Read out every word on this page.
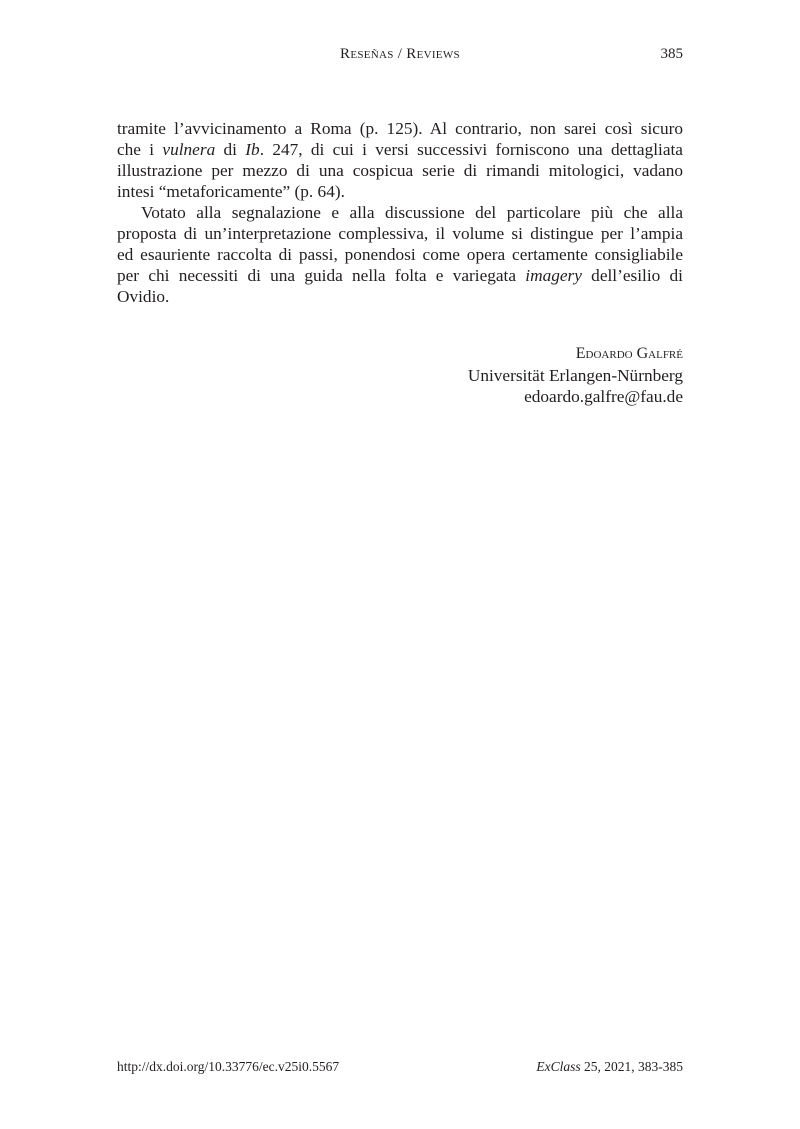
Reseñas / Reviews	385
tramite l’avvicinamento a Roma (p. 125). Al contrario, non sarei così sicuro
che i vulnera di Ib. 247, di cui i versi successivi forniscono una dettagliata
illustrazione per mezzo di una cospicua serie di rimandi mitologici, vadano
intesi “metaforicamente” (p. 64).
Votato alla segnalazione e alla discussione del particolare più che alla
proposta di un’interpretazione complessiva, il volume si distingue per l’ampia
ed esauriente raccolta di passi, ponendosi come opera certamente consigliabile
per chi necessiti di una guida nella folta e variegata imagery dell’esilio di
Ovidio.
Edoardo Galfré
Universität Erlangen-Nürnberg
edoardo.galfre@fau.de
http://dx.doi.org/10.33776/ec.v25i0.5567	ExClass 25, 2021, 383-385
